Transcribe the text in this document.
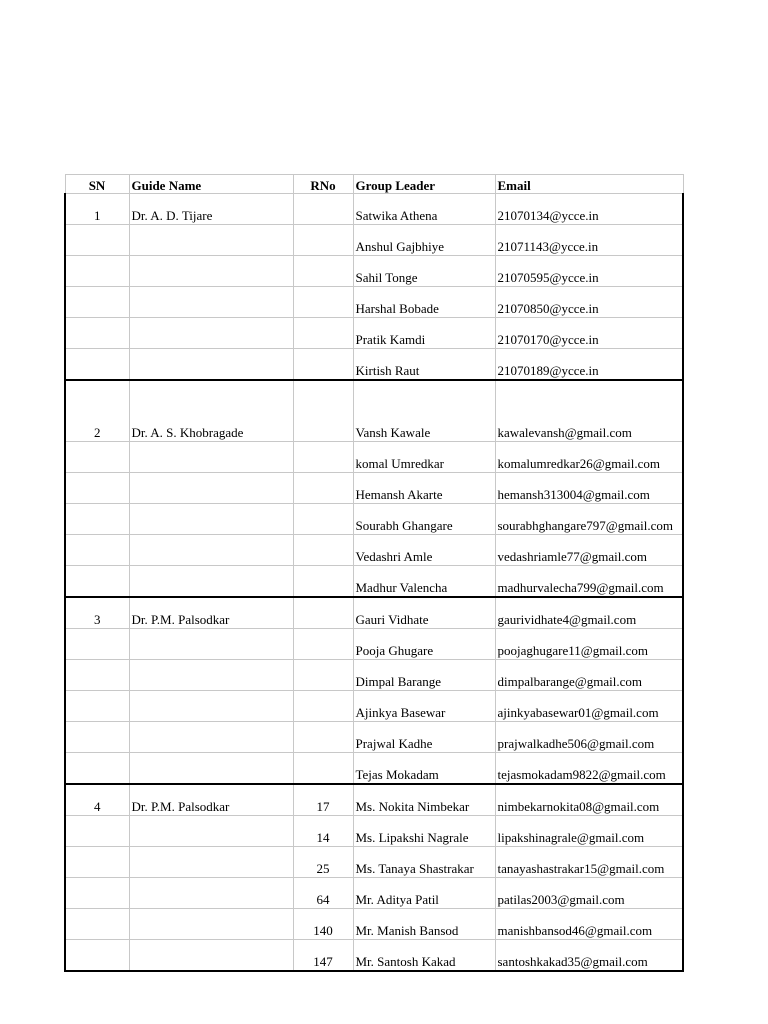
SN	Guide Name	RNo	Group Leader	Email
1	Dr. A. D. Tijare		Satwika Athena	21070134@ycce.in
			Anshul Gajbhiye	21071143@ycce.in
			Sahil Tonge	21070595@ycce.in
			Harshal Bobade	21070850@ycce.in
			Pratik Kamdi	21070170@ycce.in
			Kirtish Raut	21070189@ycce.in
2	Dr. A. S. Khobragade		Vansh Kawale	kawalevansh@gmail.com
			komal Umredkar	komalumredkar26@gmail.com
			Hemansh Akarte	hemansh313004@gmail.com
			Sourabh Ghangare	sourabhghangare797@gmail.com
			Vedashri Amle	vedashriamle77@gmail.com
			Madhur Valencha	madhurvalecha799@gmail.com
3	Dr. P.M. Palsodkar		Gauri Vidhate	gaurividhate4@gmail.com
			Pooja Ghugare	poojaghugare11@gmail.com
			Dimpal Barange	dimpalbarange@gmail.com
			Ajinkya Basewar	ajinkyabasewar01@gmail.com
			Prajwal Kadhe	prajwalkadhe506@gmail.com
			Tejas Mokadam	tejasmokadam9822@gmail.com
4	Dr. P.M. Palsodkar	17	Ms. Nokita Nimbekar	nimbekarnokita08@gmail.com
		14	Ms. Lipakshi Nagrale	lipakshinagrale@gmail.com
		25	Ms. Tanaya Shastrakar	tanayashastrakar15@gmail.com
		64	Mr. Aditya Patil	patilas2003@gmail.com
		140	Mr. Manish Bansod	manishbansod46@gmail.com
		147	Mr. Santosh Kakad	santoshkakad35@gmail.com
